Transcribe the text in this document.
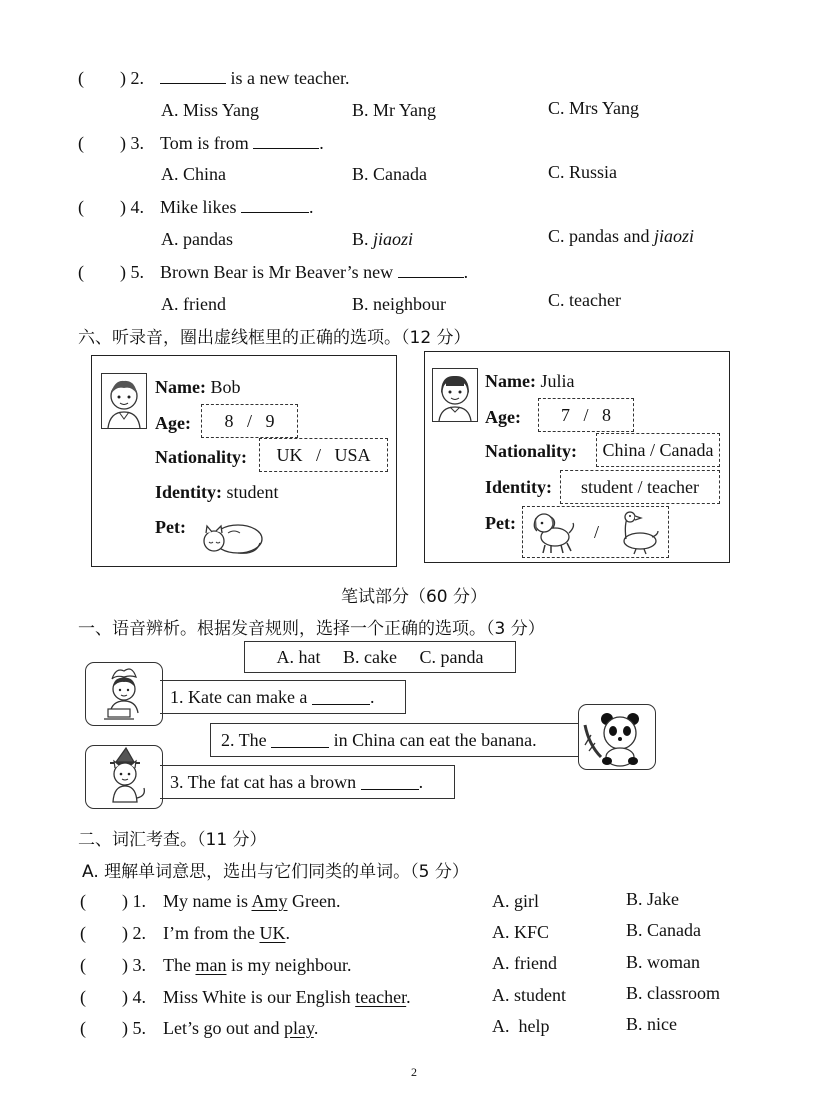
(        ) 2.	is a new teacher.
A. Miss Yang	B. Mr Yang	C. Mrs Yang
(        ) 3. Tom is from	.
A. China	B. Canada	C. Russia
(        ) 4. Mike likes	.
A. pandas	B. jiaozi	C. pandas and jiaozi
(        ) 5. Brown Bear is Mr Beaver’s new	.
A. friend	B. neighbour	C. teacher
六、听录音，圈出虚线框里的正确的选项。（12 分）
Name: Bob
Age: 8   /   9
Nationality: UK   /   USA
Identity: student
Pet:
Name: Julia
Age: 7   /   8
Nationality: China / Canada
Identity: student / teacher
Pet:	/
笔试部分（60 分）
一、语音辨析。根据发音规则，选择一个正确的选项。（3 分）
A. hat     B. cake     C. panda
1. Kate can make a	.
2. The	in China can eat the banana.
3. The fat cat has a brown	.
二、词汇考查。（11 分）
A. 理解单词意思，选出与它们同类的单词。（5 分）
(        ) 1. My name is Amy Green.	A. girl	B. Jake
(        ) 2. I’m from the UK.	A. KFC	B. Canada
(        ) 3. The man is my neighbour.	A. friend	B. woman
(        ) 4. Miss White is our English teacher.	A. student	B. classroom
(        ) 5. Let’s go out and play.	A.  help	B. nice
2
